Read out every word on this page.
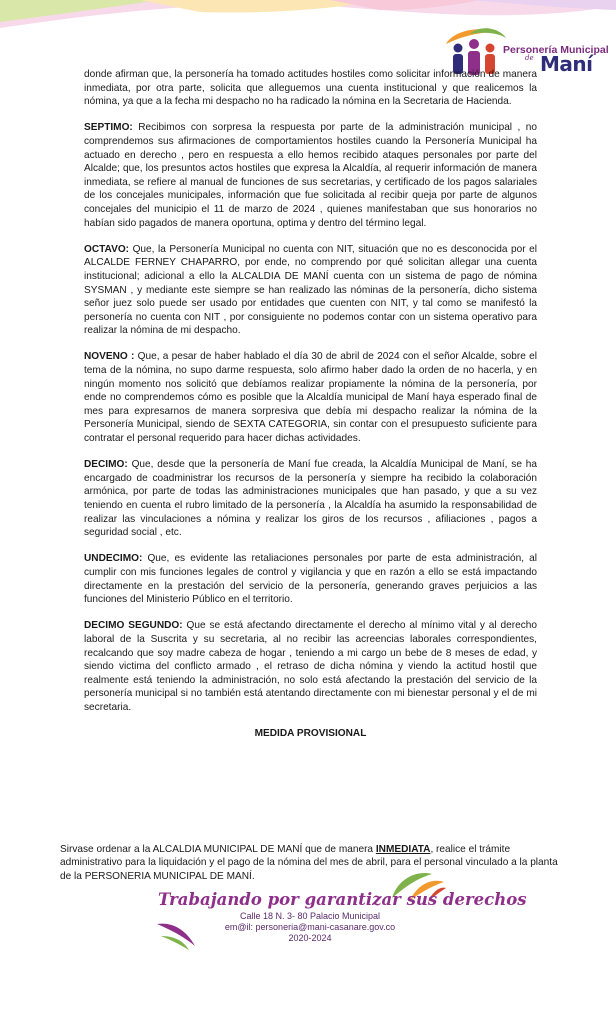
Personería Municipal
de Maní

donde afirman que, la personería ha tomado actitudes hostiles como solicitar información de manera inmediata, por otra parte, solicita que alleguemos una cuenta institucional y que realicemos la nómina, ya que a la fecha mi despacho no ha radicado la nómina en la Secretaria de Hacienda.

SEPTIMO: Recibimos con sorpresa la respuesta por parte de la administración municipal , no comprendemos sus afirmaciones de comportamientos hostiles cuando la Personería Municipal ha actuado en derecho , pero en respuesta a ello hemos recibido ataques personales por parte del Alcalde; que, los presuntos actos hostiles que expresa la Alcaldía, al requerir información de manera inmediata, se refiere al manual de funciones de sus secretarias, y certificado de los pagos salariales de los concejales municipales, información que fue solicitada al recibir queja por parte de algunos concejales del municipio el 11 de marzo de 2024 , quienes manifestaban que sus honorarios no habían sido pagados de manera oportuna, optima y dentro del término legal.

OCTAVO: Que, la Personería Municipal no cuenta con NIT, situación que no es desconocida por el ALCALDE FERNEY CHAPARRO, por ende, no comprendo por qué solicitan allegar una cuenta institucional; adicional a ello la ALCALDIA DE MANÍ cuenta con un sistema de pago de nómina SYSMAN , y mediante este siempre se han realizado las nóminas de la personería, dicho sistema señor juez solo puede ser usado por entidades que cuenten con NIT, y tal como se manifestó la personería no cuenta con NIT , por consiguiente no podemos contar con un sistema operativo para realizar la nómina de mi despacho.

NOVENO : Que, a pesar de haber hablado el día 30 de abril de 2024 con el señor Alcalde, sobre el tema de la nómina, no supo darme respuesta, solo afirmo haber dado la orden de no hacerla, y en ningún momento nos solicitó que debíamos realizar propiamente la nómina de la personería, por ende no comprendemos cómo es posible que la Alcaldía municipal de Maní haya esperado final de mes para expresarnos de manera sorpresiva que debía mi despacho realizar la nómina de la Personería Municipal, siendo de SEXTA CATEGORIA, sin contar con el presupuesto suficiente para contratar el personal requerido para hacer dichas actividades.

DECIMO: Que, desde que la personería de Maní fue creada, la Alcaldía Municipal de Maní, se ha encargado de coadministrar los recursos de la personería y siempre ha recibido la colaboración armónica, por parte de todas las administraciones municipales que han pasado, y que a su vez teniendo en cuenta el rubro limitado de la personería , la Alcaldía ha asumido la responsabilidad de realizar las vinculaciones a nómina y realizar los giros de los recursos , afiliaciones , pagos a seguridad social , etc.

UNDECIMO: Que, es evidente las retaliaciones personales por parte de esta administración, al cumplir con mis funciones legales de control y vigilancia y que en razón a ello se está impactando directamente en la prestación del servicio de la personería, generando graves perjuicios a las funciones del Ministerio Público en el territorio.

DECIMO SEGUNDO: Que se está afectando directamente el derecho al mínimo vital y al derecho laboral de la Suscrita y su secretaria, al no recibir las acreencias laborales correspondientes, recalcando que soy madre cabeza de hogar , teniendo a mi cargo un bebe de 8 meses de edad, y siendo victima del conflicto armado , el retraso de dicha nómina y viendo la actitud hostil que realmente está teniendo la administración, no solo está afectando la prestación del servicio de la personería municipal si no también está atentando directamente con mi bienestar personal y el de mi secretaria.

MEDIDA PROVISIONAL
Sirvase ordenar a la ALCALDIA MUNICIPAL DE MANÍ que de manera INMEDIATA, realice el trámite administrativo para la liquidación y el pago de la nómina del mes de abril, para el personal vinculado a la planta de la PERSONERIA MUNICIPAL DE MANÍ.
Trabajando por garantizar sus derechos
Calle 18 N. 3- 80 Palacio Municipal
em@il: personeria@mani-casanare.gov.co
2020-2024
